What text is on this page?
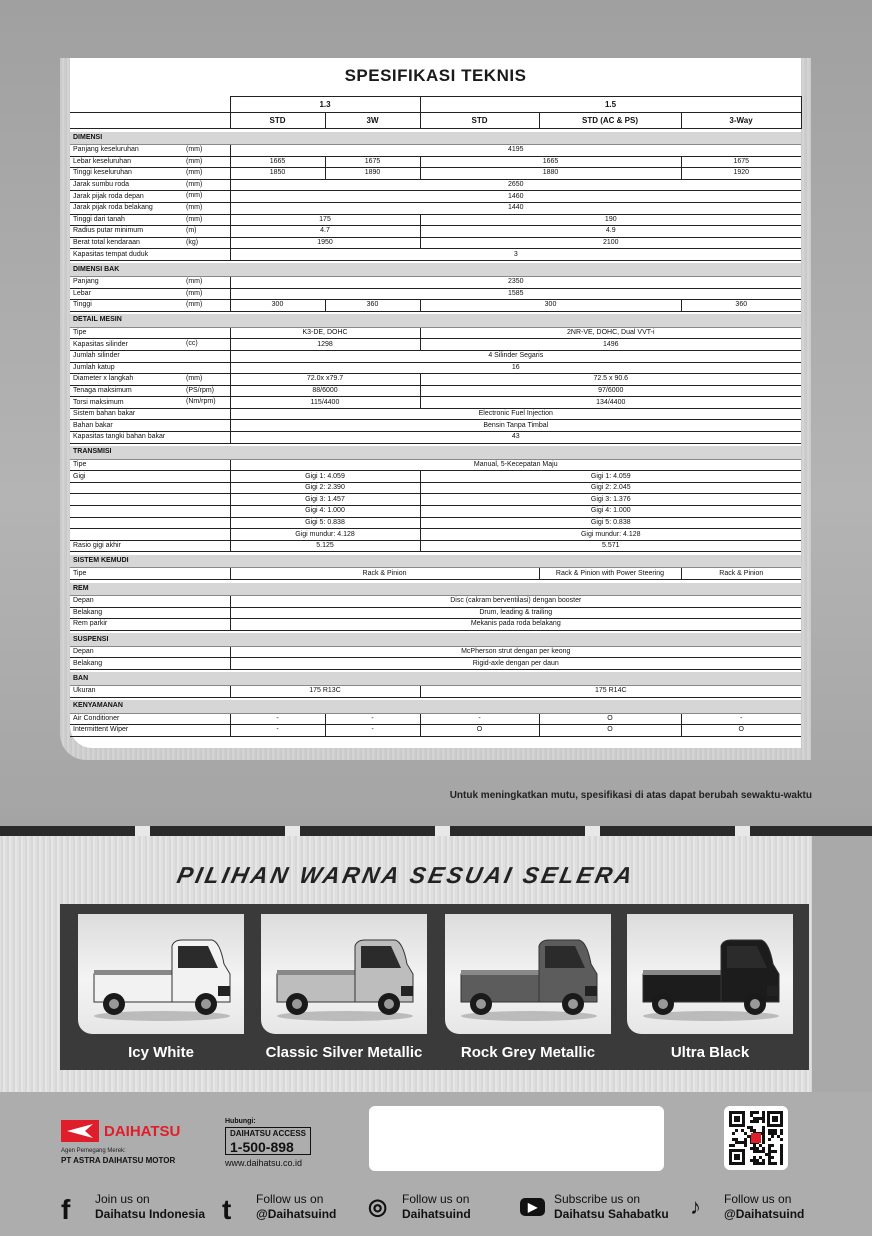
SPESIFIKASI TEKNIS
	1.3		1.5		
	STD	3W	STD	STD (AC & PS)	3-Way

DIMENSI					
Panjang keseluruhan (mm)	4195				
Lebar keseluruhan (mm)	1665	1675	1665		1675
Tinggi keseluruhan (mm)	1850	1890	1880		1920
Jarak sumbu roda (mm)	2650				
Jarak pijak roda depan (mm)	1460				
Jarak pijak roda belakang (mm)	1440				
Tinggi dari tanah (mm)	175		190		
Radius putar minimum (m)	4.7		4.9		
Berat total kendaraan (kg)	1950		2100		
Kapasitas tempat duduk	3				

DIMENSI BAK					
Panjang (mm)	2350				
Lebar (mm)	1585				
Tinggi (mm)	300	360	300		360

DETAIL MESIN					
Tipe	K3-DE, DOHC		2NR-VE, DOHC, Dual VVT-i		
Kapasitas silinder (cc)	1298		1496		
Jumlah silinder	4 Silinder Segaris				
Jumlah katup	16				
Diameter x langkah (mm)	72.0x x79.7		72.5 x 90.6		
Tenaga maksimum (PS/rpm)	88/6000		97/6000		
Torsi maksimum (Nm/rpm)	115/4400		134/4400		
Sistem bahan bakar	Electronic Fuel Injection				
Bahan bakar	Bensin Tanpa Timbal				
Kapasitas tangki bahan bakar	43				

TRANSMISI					
Tipe	Manual, 5-Kecepatan Maju				
Gigi	Gigi 1: 4.059		Gigi 1: 4.059		

	Gigi 2: 2.390		Gigi 2: 2.045		

	Gigi 3: 1.457		Gigi 3: 1.376		

	Gigi 4: 1.000		Gigi 4: 1.000		

	Gigi 5: 0.838		Gigi 5: 0.838		

	Gigi mundur: 4.128		Gigi mundur: 4.128		
Rasio gigi akhir	5.125		5.571		

SISTEM KEMUDI					
Tipe	Rack & Pinion			Rack & Pinion with Power Steering	Rack & Pinion

REM					
Depan	Disc (cakram berventilasi) dengan booster				
Belakang	Drum, leading & trailing				
Rem parkir	Mekanis pada roda belakang				

SUSPENSI					
Depan	McPherson strut dengan per keong				
Belakang	Rigid-axle dengan per daun				

BAN					
Ukuran	175 R13C		175 R14C		

KENYAMANAN					
Air Conditioner	-	-	-	O	-
Intermittent Wiper	-	-	O	O	O
Untuk meningkatkan mutu, spesifikasi di atas dapat berubah sewaktu-waktu
PILIHAN WARNA SESUAI SELERA
Icy White	Classic Silver Metallic	Rock Grey Metallic	Ultra Black
DAIHATSU
Agen Pemegang Merek:
PT ASTRA DAIHATSU MOTOR
Hubungi:
DAIHATSU ACCESS
1-500-898
www.daihatsu.co.id
f Join us on
Daihatsu Indonesia t Follow us on
@Daihatsuind ◎ Follow us on
Daihatsuind	▶
Subscribe us on
Daihatsu Sahabatku ♪ Follow us on
@Daihatsuind
